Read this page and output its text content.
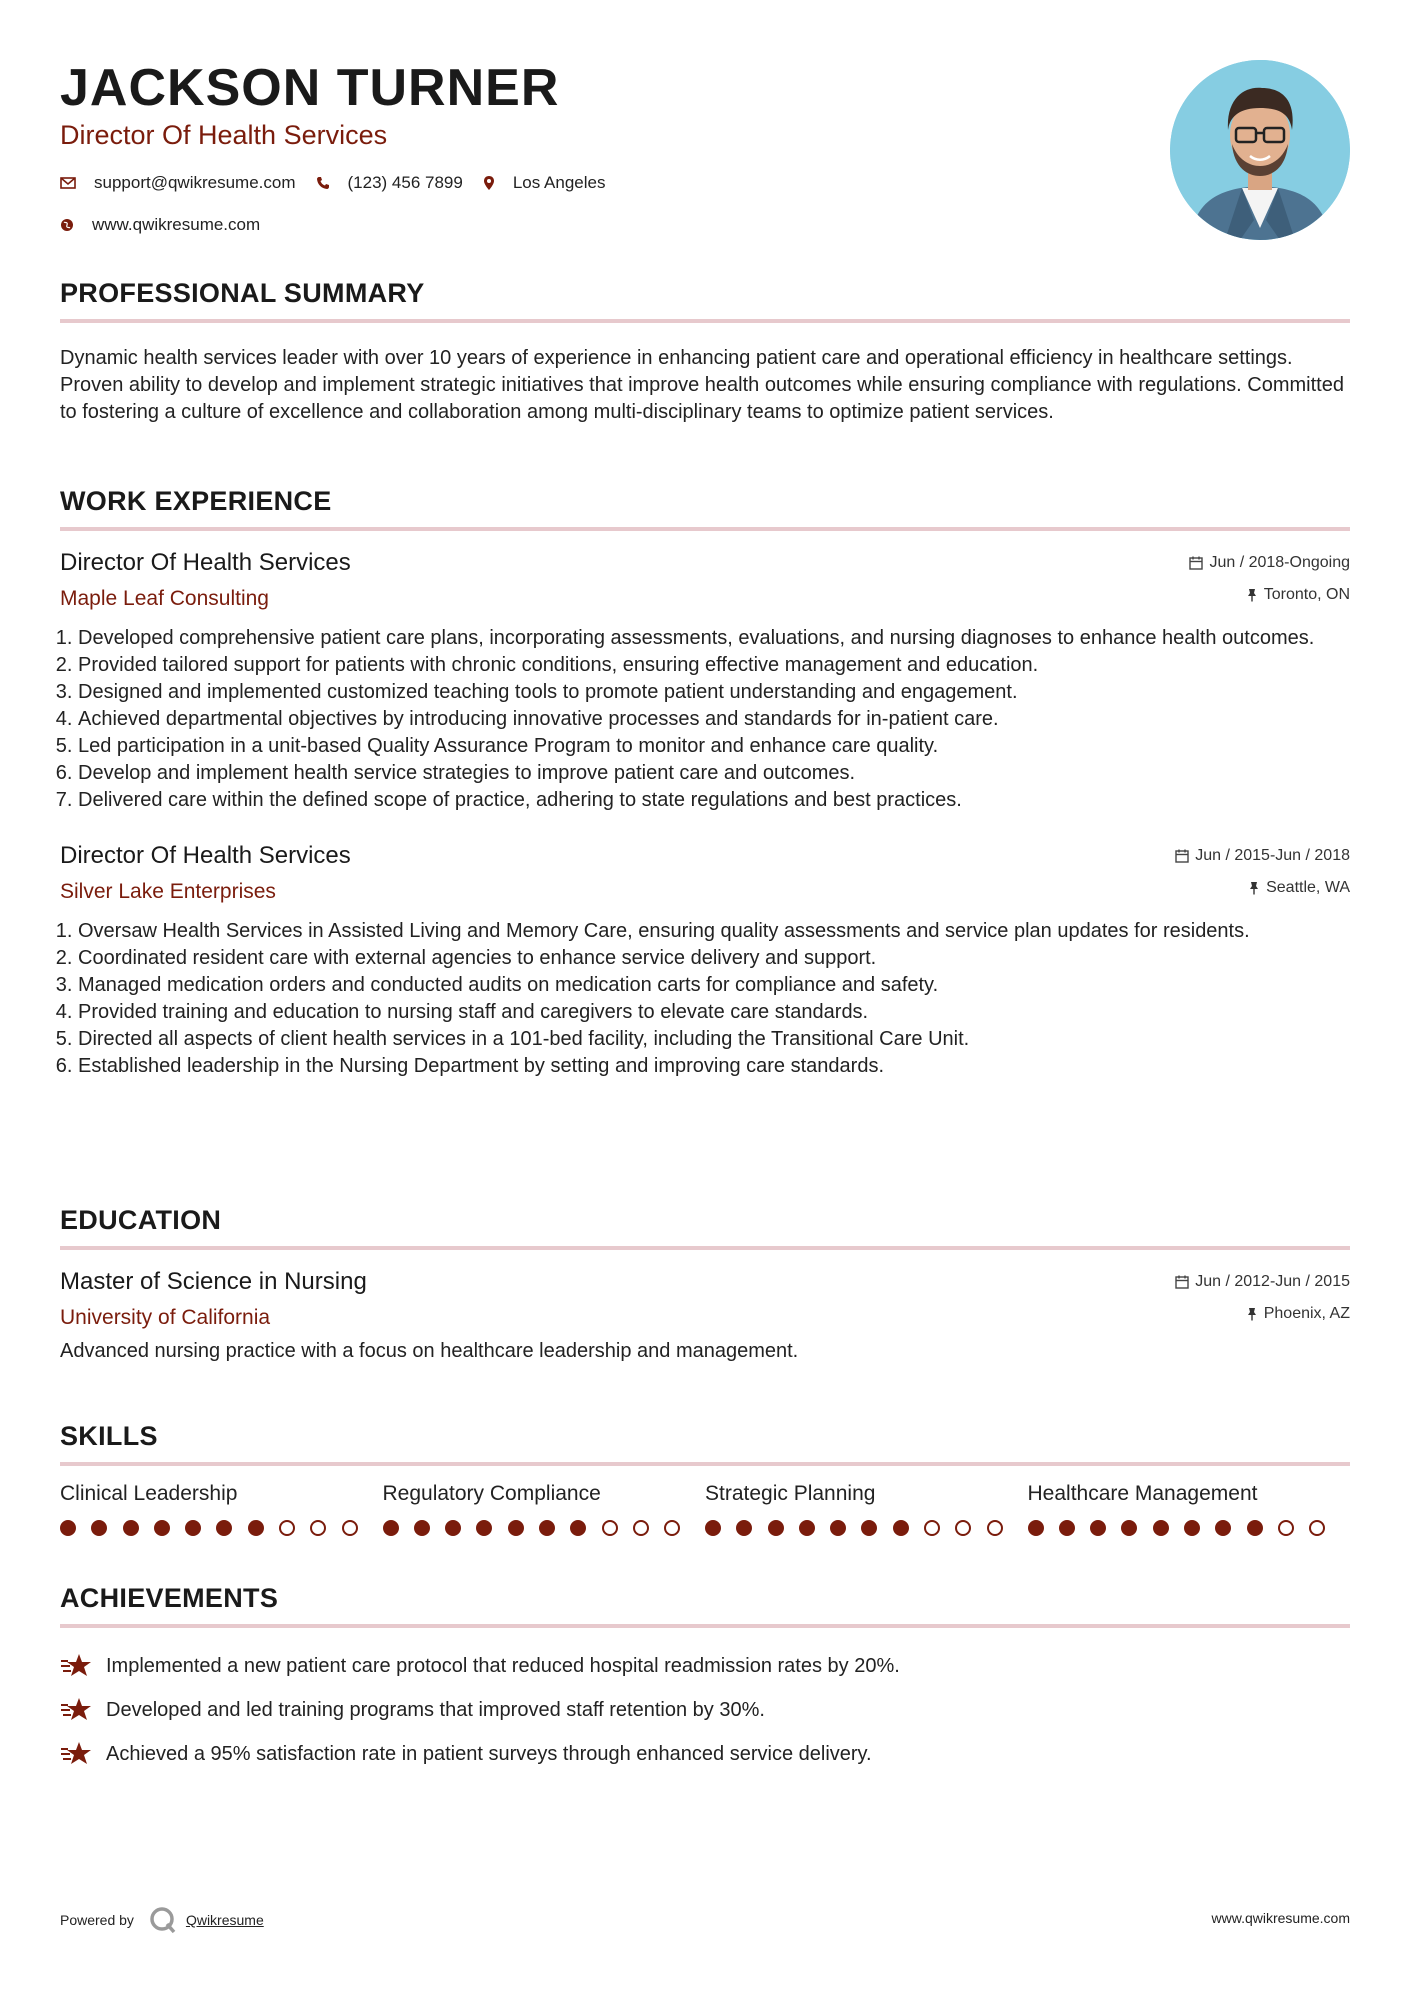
JACKSON TURNER
Director Of Health Services
support@qwikresume.com	(123) 456 7899	Los Angeles
www.qwikresume.com
PROFESSIONAL SUMMARY
Dynamic health services leader with over 10 years of experience in enhancing patient care and operational efficiency in healthcare settings. Proven ability to develop and implement strategic initiatives that improve health outcomes while ensuring compliance with regulations. Committed to fostering a culture of excellence and collaboration among multi-disciplinary teams to optimize patient services.
WORK EXPERIENCE
Director Of Health Services
Maple Leaf Consulting
Jun / 2018-Ongoing
Toronto, ON
1. Developed comprehensive patient care plans, incorporating assessments, evaluations, and nursing diagnoses to enhance health outcomes.
2. Provided tailored support for patients with chronic conditions, ensuring effective management and education.
3. Designed and implemented customized teaching tools to promote patient understanding and engagement.
4. Achieved departmental objectives by introducing innovative processes and standards for in-patient care.
5. Led participation in a unit-based Quality Assurance Program to monitor and enhance care quality.
6. Develop and implement health service strategies to improve patient care and outcomes.
7. Delivered care within the defined scope of practice, adhering to state regulations and best practices.
Director Of Health Services
Silver Lake Enterprises
Jun / 2015-Jun / 2018
Seattle, WA
1. Oversaw Health Services in Assisted Living and Memory Care, ensuring quality assessments and service plan updates for residents.
2. Coordinated resident care with external agencies to enhance service delivery and support.
3. Managed medication orders and conducted audits on medication carts for compliance and safety.
4. Provided training and education to nursing staff and caregivers to elevate care standards.
5. Directed all aspects of client health services in a 101-bed facility, including the Transitional Care Unit.
6. Established leadership in the Nursing Department by setting and improving care standards.
EDUCATION
Master of Science in Nursing
University of California
Jun / 2012-Jun / 2015
Phoenix, AZ
Advanced nursing practice with a focus on healthcare leadership and management.
SKILLS
Clinical Leadership	Regulatory Compliance	Strategic Planning	Healthcare Management
ACHIEVEMENTS
Implemented a new patient care protocol that reduced hospital readmission rates by 20%.
Developed and led training programs that improved staff retention by 30%.
Achieved a 95% satisfaction rate in patient surveys through enhanced service delivery.
Powered by	Qwikresume	www.qwikresume.com
